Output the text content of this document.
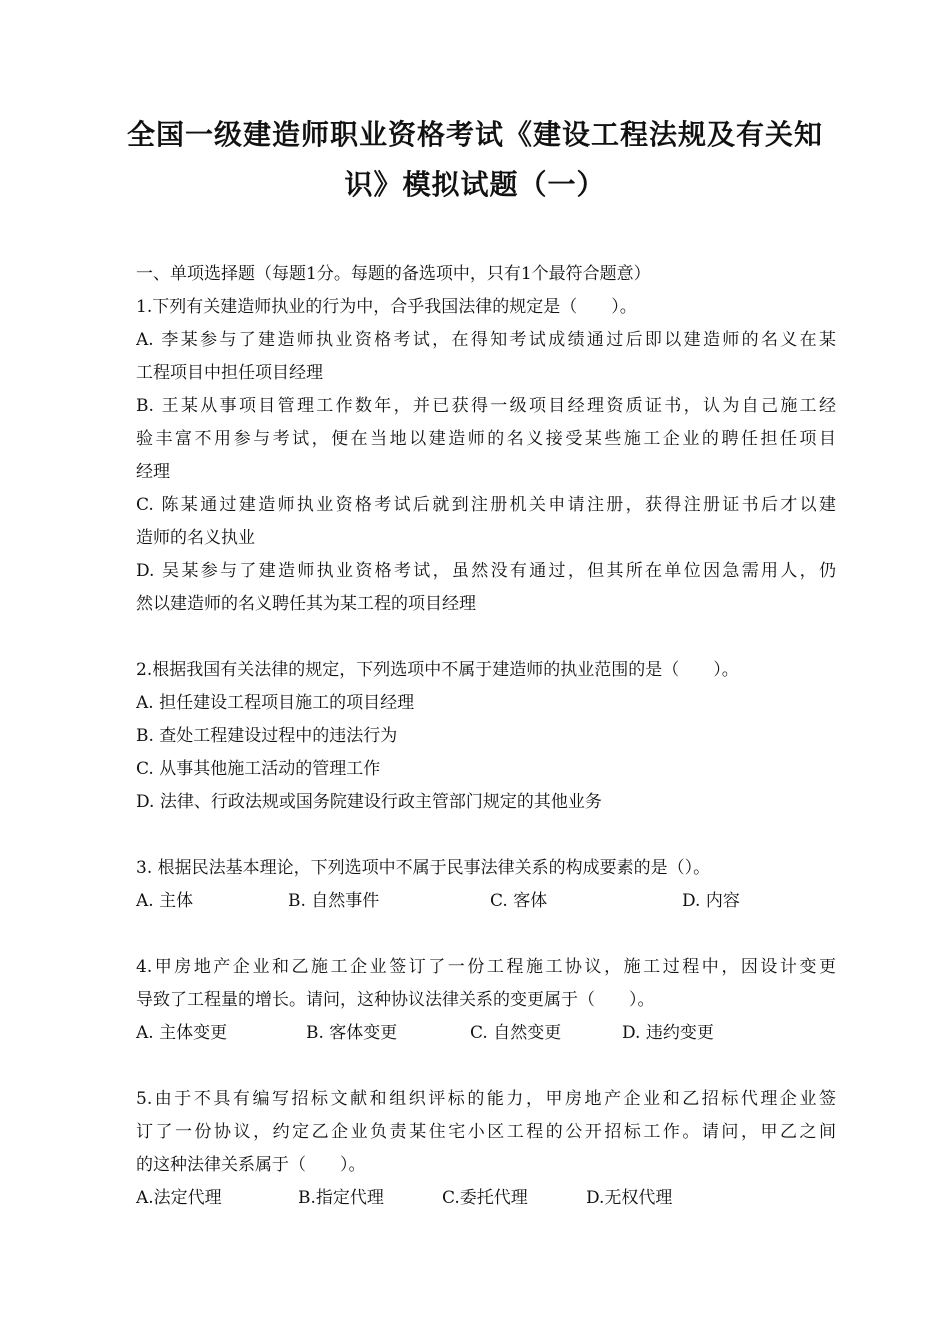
全国一级建造师职业资格考试《建设工程法规及有关知
识》模拟试题（一）
一、单项选择题（每题1分。每题的备选项中，只有1个最符合题意）
1.下列有关建造师执业的行为中，合乎我国法律的规定是（　　）。
A. 李某参与了建造师执业资格考试，在得知考试成绩通过后即以建造师的名义在某
工程项目中担任项目经理
B. 王某从事项目管理工作数年，并已获得一级项目经理资质证书，认为自己施工经
验丰富不用参与考试，便在当地以建造师的名义接受某些施工企业的聘任担任项目
经理
C. 陈某通过建造师执业资格考试后就到注册机关申请注册，获得注册证书后才以建
造师的名义执业
D. 吴某参与了建造师执业资格考试，虽然没有通过，但其所在单位因急需用人，仍
然以建造师的名义聘任其为某工程的项目经理
2.根据我国有关法律的规定，下列选项中不属于建造师的执业范围的是（　　）。
A. 担任建设工程项目施工的项目经理
B. 查处工程建设过程中的违法行为
C. 从事其他施工活动的管理工作
D. 法律、行政法规或国务院建设行政主管部门规定的其他业务
3. 根据民法基本理论，下列选项中不属于民事法律关系的构成要素的是（）。
A. 主体	B. 自然事件	C. 客体	D. 内容
4.甲房地产企业和乙施工企业签订了一份工程施工协议，施工过程中，因设计变更
导致了工程量的增长。请问，这种协议法律关系的变更属于（　　）。
A. 主体变更	B. 客体变更	C. 自然变更	D. 违约变更
5.由于不具有编写招标文献和组织评标的能力，甲房地产企业和乙招标代理企业签
订了一份协议，约定乙企业负责某住宅小区工程的公开招标工作。请问，甲乙之间
的这种法律关系属于（　　）。
A.法定代理	B.指定代理	C.委托代理	D.无权代理
